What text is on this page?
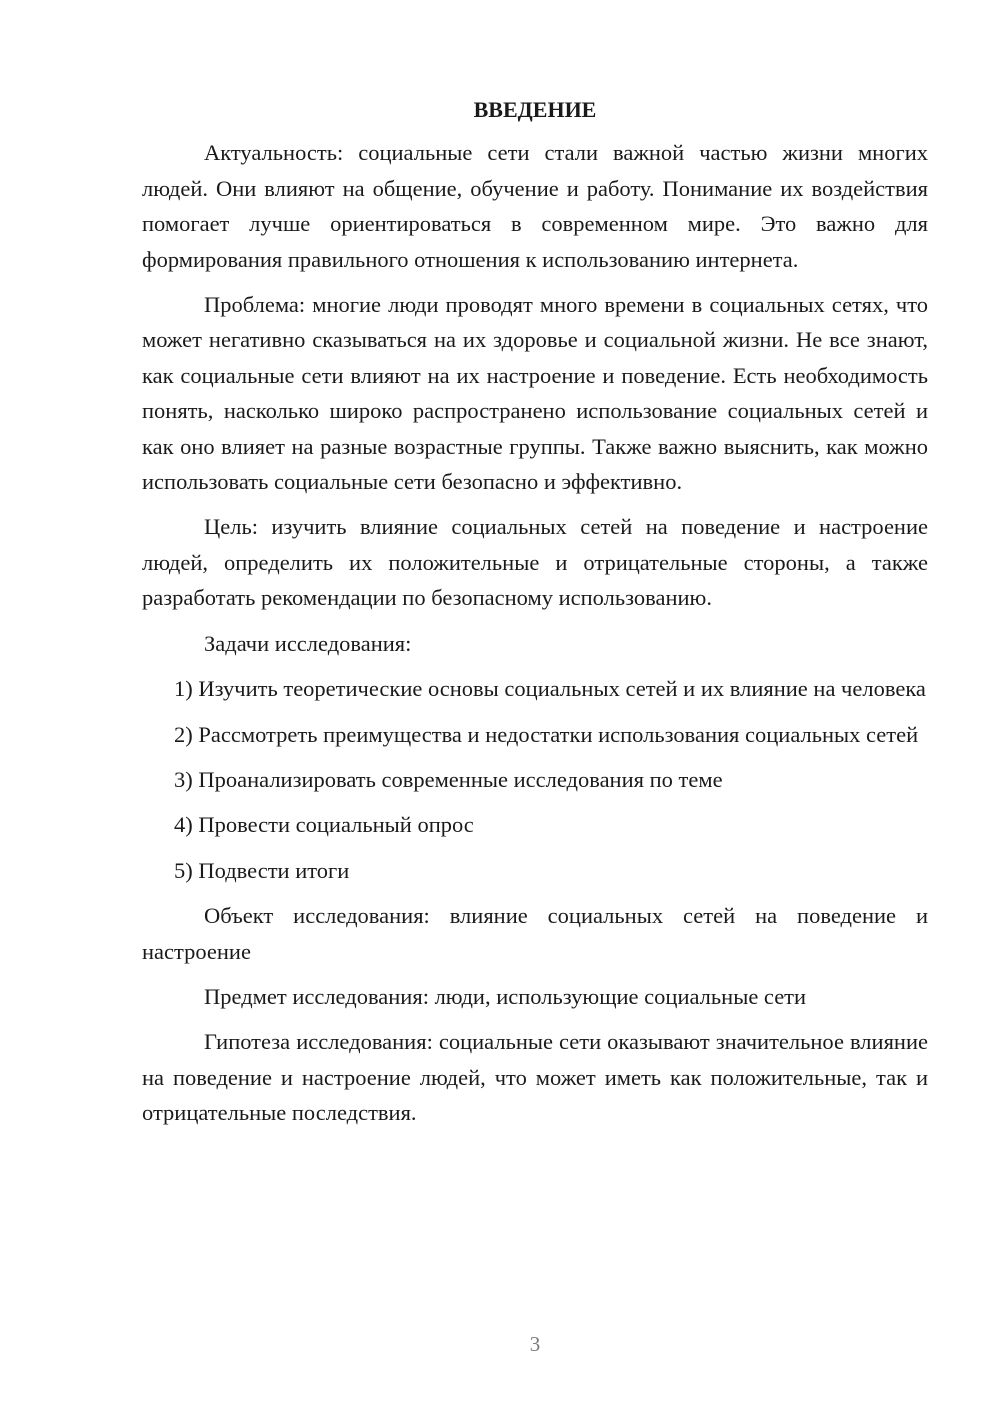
ВВЕДЕНИЕ

Актуальность: социальные сети стали важной частью жизни многих людей. Они влияют на общение, обучение и работу. Понимание их воздействия помогает лучше ориентироваться в современном мире. Это важно для формирования правильного отношения к использованию интернета.

Проблема: многие люди проводят много времени в социальных сетях, что может негативно сказываться на их здоровье и социальной жизни. Не все знают, как социальные сети влияют на их настроение и поведение. Есть необходимость понять, насколько широко распространено использование социальных сетей и как оно влияет на разные возрастные группы. Также важно выяснить, как можно использовать социальные сети безопасно и эффективно.

Цель: изучить влияние социальных сетей на поведение и настроение людей, определить их положительные и отрицательные стороны, а также разработать рекомендации по безопасному использованию.

Задачи исследования:

1) Изучить теоретические основы социальных сетей и их влияние на человека

2) Рассмотреть преимущества и недостатки использования социальных сетей

3) Проанализировать современные исследования по теме

4) Провести социальный опрос

5) Подвести итоги

Объект исследования: влияние социальных сетей на поведение и настроение

Предмет исследования: люди, использующие социальные сети

Гипотеза исследования: социальные сети оказывают значительное влияние на поведение и настроение людей, что может иметь как положительные, так и отрицательные последствия.

3
